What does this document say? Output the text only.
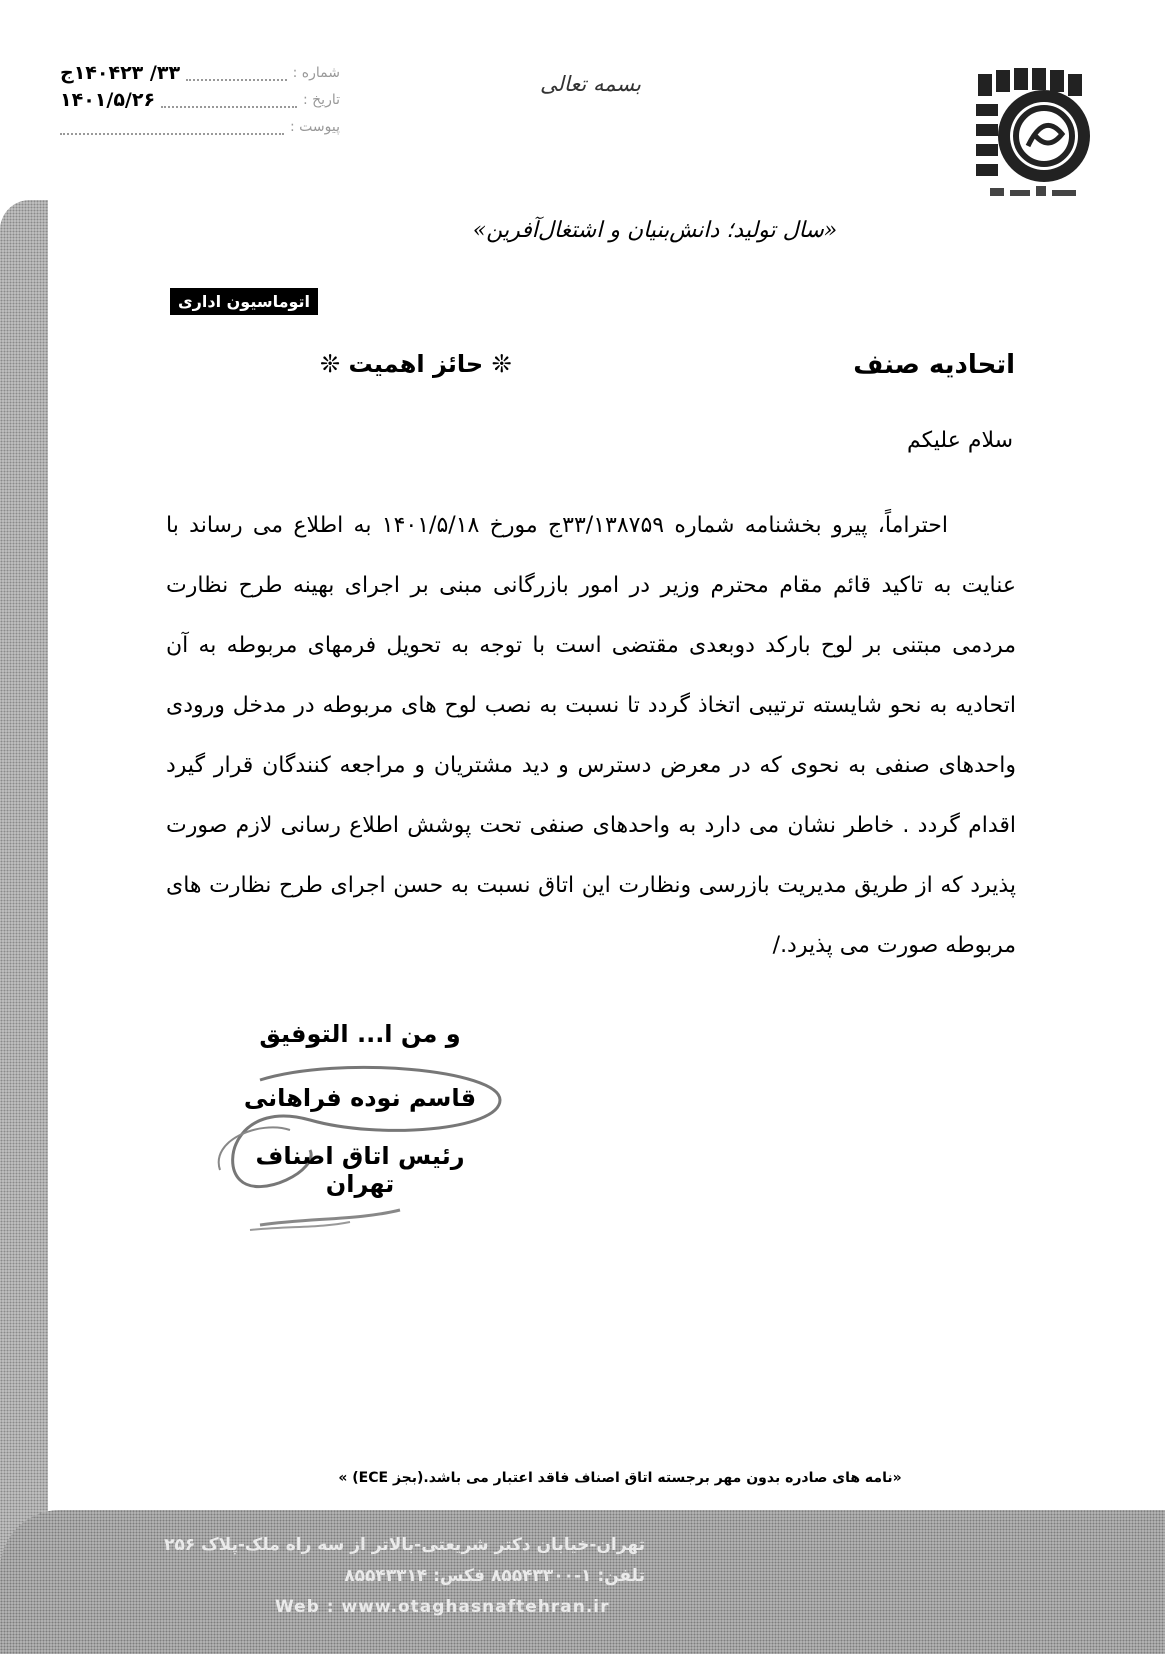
شماره :
۳۳/ ۱۴۰۴۲۳ج
تاریخ :
۱۴۰۱/۵/۲۶
پیوست :
بسمه تعالی
«سال تولید؛ دانش‌بنیان و اشتغال‌آفرین»
اتوماسیون اداری
اتحادیه صنف
❊ حائز اهمیت ❊
سلام علیکم
احتراماً، پیرو بخشنامه شماره ۳۳/۱۳۸۷۵۹ج مورخ ۱۴۰۱/۵/۱۸ به اطلاع می رساند با عنایت به تاکید قائم مقام محترم وزیر در امور بازرگانی مبنی بر اجرای بهینه طرح نظارت مردمی مبتنی بر لوح بارکد دوبعدی مقتضی است با توجه به تحویل فرمهای مربوطه به آن اتحادیه به نحو شایسته ترتیبی اتخاذ گردد تا نسبت به نصب لوح های مربوطه در مدخل ورودی واحدهای صنفی به نحوی که در معرض دسترس و دید مشتریان و مراجعه کنندگان قرار گیرد اقدام گردد . خاطر نشان می دارد به واحدهای صنفی تحت پوشش اطلاع رسانی لازم صورت پذیرد که از طریق مدیریت بازرسی ونظارت این اتاق نسبت به حسن اجرای طرح نظارت های مربوطه صورت می پذیرد./
و من ا... التوفیق
قاسم نوده فراهانی
رئیس اتاق اصناف تهران
«نامه های صادره بدون مهر برجسته اتاق اصناف فاقد اعتبار می باشد.(بجز ECE) »
تهران-خیابان دکتر شریعتی-بالاتر از سه راه ملک-پلاک ۲۵۶
تلفن: ۱-۸۵۵۴۳۳۰۰ فکس: ۸۵۵۴۳۳۱۴
Web : www.otaghasnaftehran.ir
